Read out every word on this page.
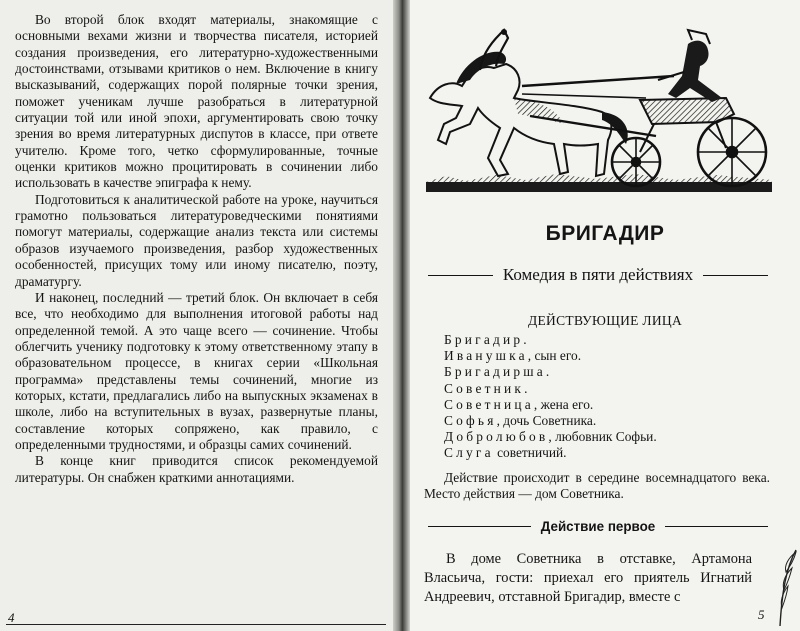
Во второй блок входят материалы, знакомящие с основными вехами жизни и творчества писателя, историей создания произведения, его литературно-художественными достоинствами, отзывами критиков о нем. Включение в книгу высказываний, содержащих порой полярные точки зрения, поможет ученикам лучше разобраться в литературной ситуации той или иной эпохи, аргументировать свою точку зрения во время литературных диспутов в классе, при ответе учителю. Кроме того, четко сформулированные, точные оценки критиков можно процитировать в сочинении либо использовать в качестве эпиграфа к нему.

Подготовиться к аналитической работе на уроке, научиться грамотно пользоваться литературоведческими понятиями помогут материалы, содержащие анализ текста или системы образов изучаемого произведения, разбор художественных особенностей, присущих тому или иному писателю, поэту, драматургу.

И наконец, последний — третий блок. Он включает в себя все, что необходимо для выполнения итоговой работы над определенной темой. А это чаще всего — сочинение. Чтобы облегчить ученику подготовку к этому ответственному этапу в образовательном процессе, в книгах серии «Школьная программа» представлены темы сочинений, многие из которых, кстати, предлагались либо на выпускных экзаменах в школе, либо на вступительных в вузах, развернутые планы, составление которых сопряжено, как правило, с определенными трудностями, и образцы самих сочинений.

В конце книг приводится список рекомендуемой литературы. Он снабжен краткими аннотациями.

4
БРИГАДИР
Комедия в пяти действиях
ДЕЙСТВУЮЩИЕ ЛИЦА
Бригадир.
Иванушка, сын его.
Бригадирша.
Советник.
Советница, жена его.
Софья, дочь Советника.
Добролюбов, любовник Софьи.
Слуга советничий.

Действие происходит в середине восемнадцатого века. Место действия — дом Советника.

Действие первое

В доме Советника в отставке, Артамона Власьича, гости: приехал его приятель Игнатий Андреевич, отставной Бригадир, вместе с

5
